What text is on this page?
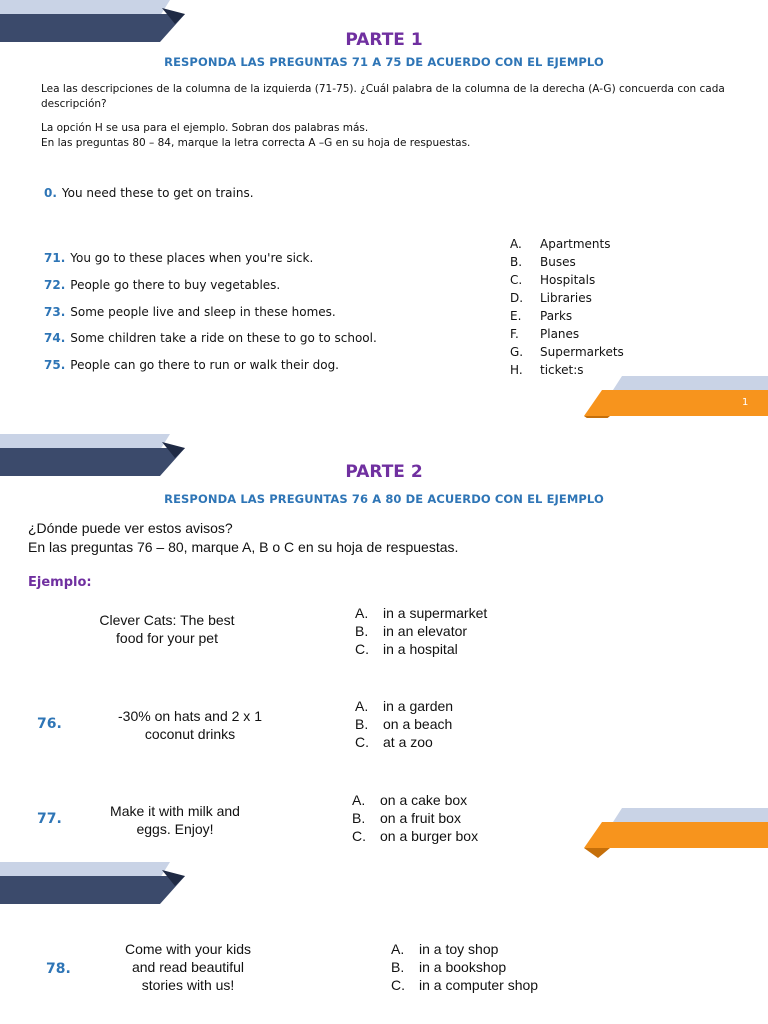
PARTE 1
RESPONDA LAS PREGUNTAS 71 A 75 DE ACUERDO CON EL EJEMPLO
Lea las descripciones de la columna de la izquierda (71-75). ¿Cuál palabra de la columna de la derecha (A-G) concuerda con cada descripción?
La opción H se usa para el ejemplo. Sobran dos palabras más.
En las preguntas 80 – 84, marque la letra correcta A –G en su hoja de respuestas.
0. You need these to get on trains.
71. You go to these places when you're sick.
72. People go there to buy vegetables.
73. Some people live and sleep in these homes.
74. Some children take a ride on these to go to school.
75. People can go there to run or walk their dog.
A. Apartments
B. Buses
C. Hospitals
D. Libraries
E. Parks
F. Planes
G. Supermarkets
H. ticket:s
1
PARTE 2
RESPONDA LAS PREGUNTAS 76 A 80 DE ACUERDO CON EL EJEMPLO
¿Dónde puede ver estos avisos?
En las preguntas 76 – 80, marque A, B o C en su hoja de respuestas.
Ejemplo:
Clever Cats: The best food for your pet
A. in a supermarket
B. in an elevator
C. in a hospital
76.	-30% on hats and 2 x 1 coconut drinks
A. in a garden
B. on a beach
C. at a zoo
77.	Make it with milk and eggs. Enjoy!
A. on a cake box
B. on a fruit box
C. on a burger box
78.
Come with your kids and read beautiful stories with us!
A. in a toy shop
B. in a bookshop
C. in a computer shop
